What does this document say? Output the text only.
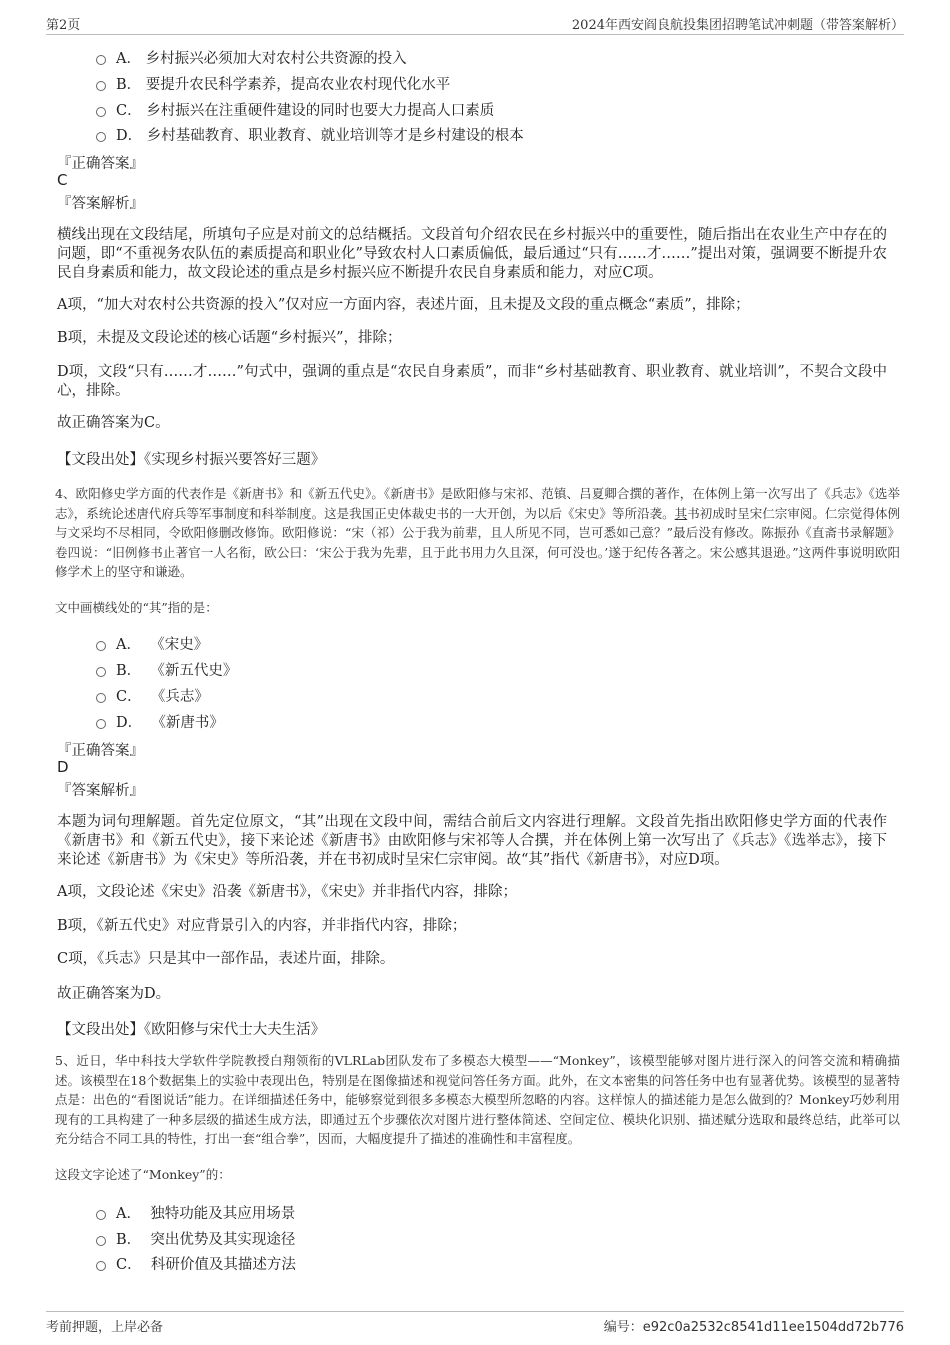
第2页	2024年西安阎良航投集团招聘笔试冲刺题（带答案解析）
A．
乡村振兴必须加大对农村公共资源的投入
B．
要提升农民科学素养，提高农业农村现代化水平
C．
乡村振兴在注重硬件建设的同时也要大力提高人口素质
D．
乡村基础教育、职业教育、就业培训等才是乡村建设的根本
『正确答案』
C
『答案解析』
横线出现在文段结尾，所填句子应是对前文的总结概括。文段首句介绍农民在乡村振兴中的重要性，随后指出在农业生产中存在的问题，即“不重视务农队伍的素质提高和职业化”导致农村人口素质偏低，最后通过“只有……才……”提出对策，强调要不断提升农民自身素质和能力，故文段论述的重点是乡村振兴应不断提升农民自身素质和能力，对应C项。
A项，“加大对农村公共资源的投入”仅对应一方面内容，表述片面，且未提及文段的重点概念“素质”，排除；
B项，未提及文段论述的核心话题“乡村振兴”，排除；
D项，文段“只有……才……”句式中，强调的重点是“农民自身素质”，而非“乡村基础教育、职业教育、就业培训”，不契合文段中心，排除。
故正确答案为C。
【文段出处】《实现乡村振兴要答好三题》
4、欧阳修史学方面的代表作是《新唐书》和《新五代史》。《新唐书》是欧阳修与宋祁、范镇、吕夏卿合撰的著作，在体例上第一次写出了《兵志》《选举志》，系统论述唐代府兵等军事制度和科举制度。这是我国正史体裁史书的一大开创，为以后《宋史》等所沿袭。其书初成时呈宋仁宗审阅。仁宗觉得体例与文采均不尽相同，令欧阳修删改修饰。欧阳修说：“宋（祁）公于我为前辈，且人所见不同，岂可悉如己意？”最后没有修改。陈振孙《直斋书录解题》卷四说：“旧例修书止著官一人名衔，欧公曰：‘宋公于我为先辈，且于此书用力久且深，何可没也。’遂于纪传各著之。宋公感其退逊。”这两件事说明欧阳修学术上的坚守和谦逊。
文中画横线处的“其”指的是：
A．
《宋史》
B．
《新五代史》
C．
《兵志》
D．
《新唐书》
『正确答案』
D
『答案解析』
本题为词句理解题。首先定位原文，“其”出现在文段中间，需结合前后文内容进行理解。文段首先指出欧阳修史学方面的代表作《新唐书》和《新五代史》，接下来论述《新唐书》由欧阳修与宋祁等人合撰，并在体例上第一次写出了《兵志》《选举志》，接下来论述《新唐书》为《宋史》等所沿袭，并在书初成时呈宋仁宗审阅。故“其”指代《新唐书》，对应D项。
A项，文段论述《宋史》沿袭《新唐书》，《宋史》并非指代内容，排除；
B项，《新五代史》对应背景引入的内容，并非指代内容，排除；
C项，《兵志》只是其中一部作品，表述片面，排除。
故正确答案为D。
【文段出处】《欧阳修与宋代士大夫生活》
5、近日，华中科技大学软件学院教授白翔领衔的VLRLab团队发布了多模态大模型——“Monkey”，该模型能够对图片进行深入的问答交流和精确描述。该模型在18个数据集上的实验中表现出色，特别是在图像描述和视觉问答任务方面。此外，在文本密集的问答任务中也有显著优势。该模型的显著特点是：出色的“看图说话”能力。在详细描述任务中，能够察觉到很多多模态大模型所忽略的内容。这样惊人的描述能力是怎么做到的？Monkey巧妙利用现有的工具构建了一种多层级的描述生成方法，即通过五个步骤依次对图片进行整体简述、空间定位、模块化识别、描述赋分选取和最终总结，此举可以充分结合不同工具的特性，打出一套“组合拳”，因而，大幅度提升了描述的准确性和丰富程度。
这段文字论述了“Monkey”的：
A．
独特功能及其应用场景
B．
突出优势及其实现途径
C．
科研价值及其描述方法
考前押题，上岸必备	编号：e92c0a2532c8541d11ee1504dd72b776
